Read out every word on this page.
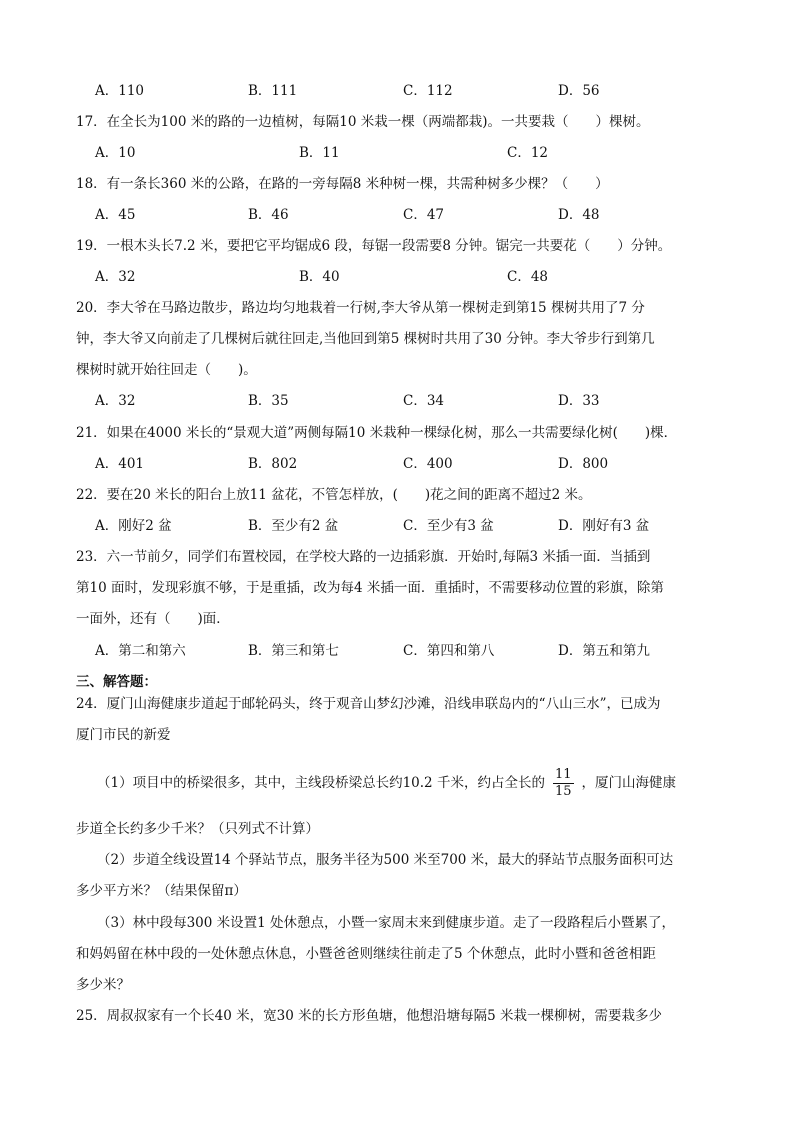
A．110	B．111	C．112	D．56
17．在全长为100 米的路的一边植树，每隔10 米栽一棵（两端都栽)。一共要栽（　　）棵树。
A．10	B．11	C．12
18．有一条长360 米的公路，在路的一旁每隔8 米种树一棵，共需种树多少棵？（　　）
A．45	B．46	C．47	D．48
19．一根木头长7.2 米，要把它平均锯成6 段，每锯一段需要8 分钟。锯完一共要花（　　）分钟。
A．32	B．40	C．48
20．李大爷在马路边散步，路边均匀地栽着一行树,李大爷从第一棵树走到第15 棵树共用了7 分
钟，李大爷又向前走了几棵树后就往回走,当他回到第5 棵树时共用了30 分钟。李大爷步行到第几
棵树时就开始往回走（　　)。
A．32	B．35	C．34	D．33
21．如果在4000 米长的“景观大道”两侧每隔10 米栽种一棵绿化树，那么一共需要绿化树(　　)棵．
A．401	B．802	C．400	D．800
22．要在20 米长的阳台上放11 盆花，不管怎样放，(　　)花之间的距离不超过2 米。
A．刚好2 盆	B．至少有2 盆	C．至少有3 盆	D．刚好有3 盆
23．六一节前夕，同学们布置校园，在学校大路的一边插彩旗．开始时,每隔3 米插一面．当插到
第10 面时，发现彩旗不够，于是重插，改为每4 米插一面．重插时，不需要移动位置的彩旗，除第
一面外，还有（　　)面．
A．第二和第六	B．第三和第七	C．第四和第八	D．第五和第九
三、解答题：
24．厦门山海健康步道起于邮轮码头，终于观音山梦幻沙滩，沿线串联岛内的“八山三水”，已成为
厦门市民的新爱
（1）项目中的桥梁很多，其中，主线段桥梁总长约10.2 千米，约占全长的 $\frac{11}{15}$ ，厦门山海健康
步道全长约多少千米？（只列式不计算）
（2）步道全线设置14 个驿站节点，服务半径为500 米至700 米，最大的驿站节点服务面积可达
多少平方米？（结果保留π）
（3）林中段每300 米设置1 处休憩点，小暨一家周末来到健康步道。走了一段路程后小暨累了，
和妈妈留在林中段的一处休憩点休息，小暨爸爸则继续往前走了5 个休憩点，此时小暨和爸爸相距
多少米？
25．周叔叔家有一个长40 米，宽30 米的长方形鱼塘，他想沿塘每隔5 米栽一棵柳树，需要栽多少
